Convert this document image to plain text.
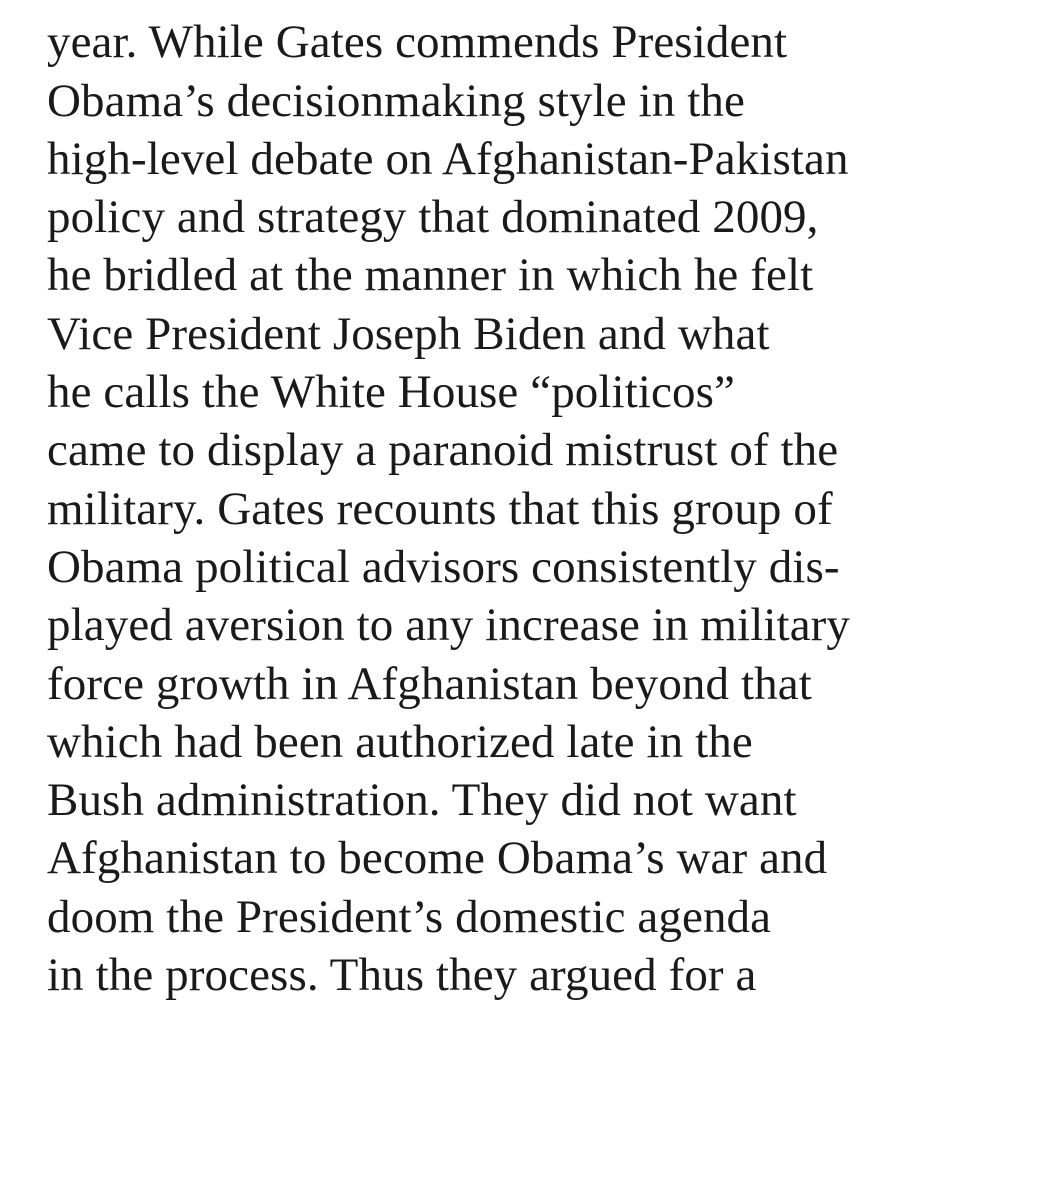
year. While Gates commends President
Obama’s decisionmaking style in the
high-level debate on Afghanistan-Pakistan
policy and strategy that dominated 2009,
he bridled at the manner in which he felt
Vice President Joseph Biden and what
he calls the White House “politicos”
came to display a paranoid mistrust of the
military. Gates recounts that this group of
Obama political advisors consistently dis-
played aversion to any increase in military
force growth in Afghanistan beyond that
which had been authorized late in the
Bush administration. They did not want
Afghanistan to become Obama’s war and
doom the President’s domestic agenda
in the process. Thus they argued for a
